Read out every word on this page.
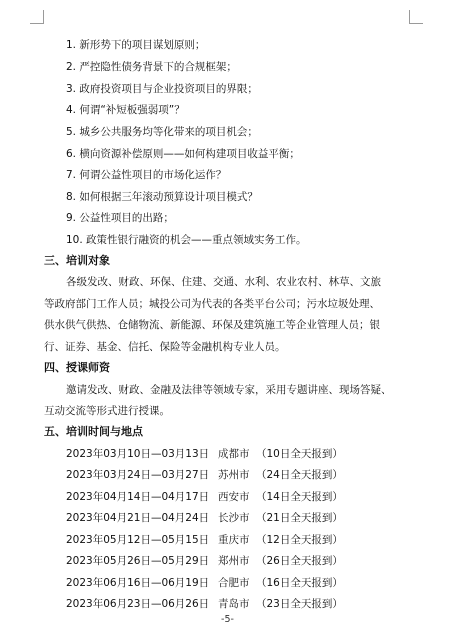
1. 新形势下的项目谋划原则；
2. 严控隐性债务背景下的合规框架；
3. 政府投资项目与企业投资项目的界限；
4. 何谓“补短板强弱项”？
5. 城乡公共服务均等化带来的项目机会；
6. 横向资源补偿原则——如何构建项目收益平衡；
7. 何谓公益性项目的市场化运作？
8. 如何根据三年滚动预算设计项目模式？
9. 公益性项目的出路；
10. 政策性银行融资的机会——重点领域实务工作。
三、培训对象
各级发改、财政、环保、住建、交通、水利、农业农村、林草、文旅
等政府部门工作人员；城投公司为代表的各类平台公司；污水垃圾处理、
供水供气供热、仓储物流、新能源、环保及建筑施工等企业管理人员；银
行、证券、基金、信托、保险等金融机构专业人员。
四、授课师资
邀请发改、财政、金融及法律等领域专家，采用专题讲座、现场答疑、
互动交流等形式进行授课。
五、培训时间与地点
2023年03月10日—03月13日 成都市 （10日全天报到）
2023年03月24日—03月27日 苏州市 （24日全天报到）
2023年04月14日—04月17日 西安市 （14日全天报到）
2023年04月21日—04月24日 长沙市 （21日全天报到）
2023年05月12日—05月15日 重庆市 （12日全天报到）
2023年05月26日—05月29日 郑州市 （26日全天报到）
2023年06月16日—06月19日 合肥市 （16日全天报到）
2023年06月23日—06月26日 青岛市 （23日全天报到）
-5-
